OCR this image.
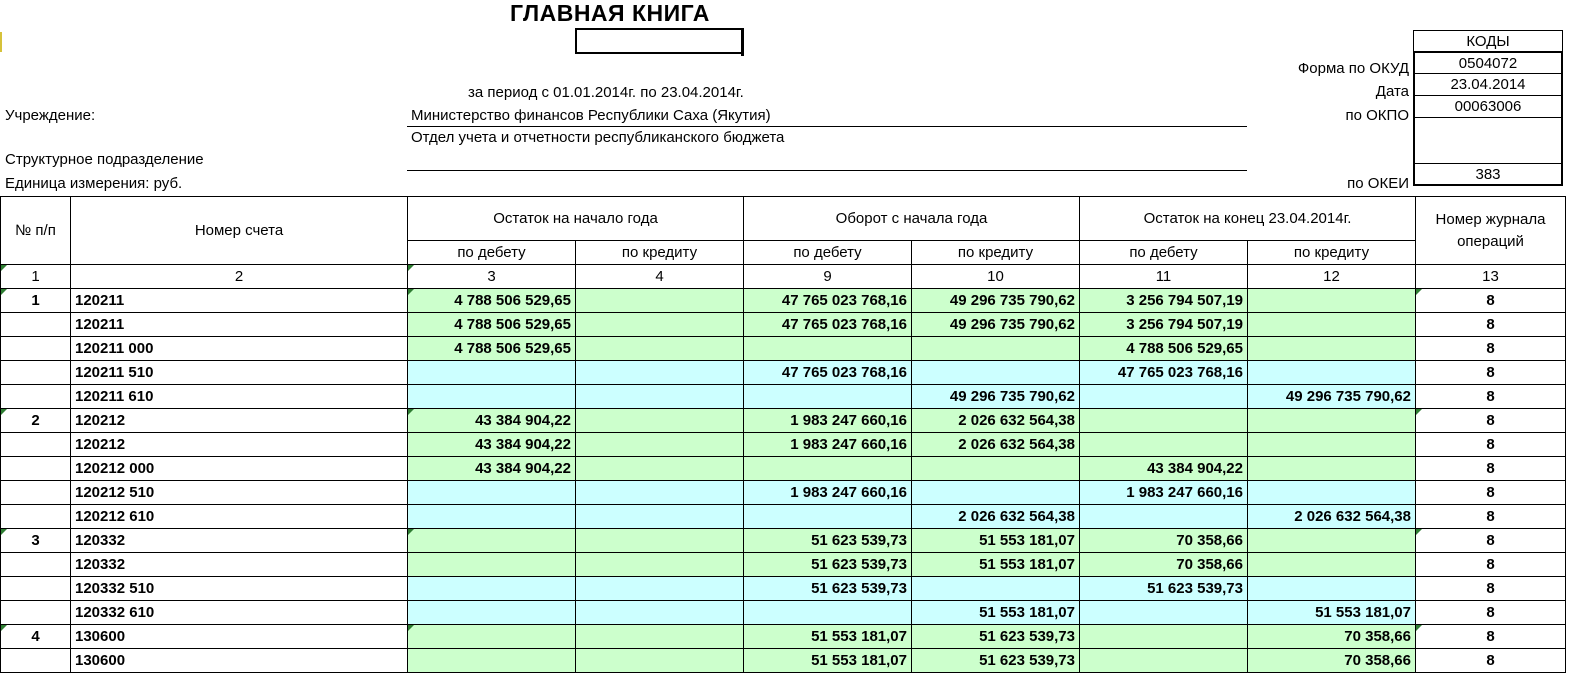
ГЛАВНАЯ КНИГА
за период с 01.01.2014г. по 23.04.2014г.
Учреждение:	Министерство финансов Республики Саха (Якутия)
Отдел учета и отчетности республиканского бюджета
Структурное подразделение
Единица измерения: руб.
Форма по ОКУД
Дата
по ОКПО
по ОКЕИ
КОДЫ
0504072
23.04.2014
00063006
383
№ п/п	Номер счета	Остаток на начало года		Оборот с начала года		Остаток на конец 23.04.2014г.		Номер журнала операций
		по дебету	по кредиту	по дебету	по кредиту	по дебету	по кредиту	
1	2	3	4	9	10	11	12	13
1	120211	4 788 506 529,65		47 765 023 768,16	49 296 735 790,62	3 256 794 507,19		8
	120211	4 788 506 529,65		47 765 023 768,16	49 296 735 790,62	3 256 794 507,19		8
	120211 000	4 788 506 529,65				4 788 506 529,65		8
	120211 510			47 765 023 768,16		47 765 023 768,16		8
	120211 610				49 296 735 790,62		49 296 735 790,62	8
2	120212	43 384 904,22		1 983 247 660,16	2 026 632 564,38			8
	120212	43 384 904,22		1 983 247 660,16	2 026 632 564,38			8
	120212 000	43 384 904,22				43 384 904,22		8
	120212 510			1 983 247 660,16		1 983 247 660,16		8
	120212 610				2 026 632 564,38		2 026 632 564,38	8
3	120332			51 623 539,73	51 553 181,07	70 358,66		8
	120332			51 623 539,73	51 553 181,07	70 358,66		8
	120332 510			51 623 539,73		51 623 539,73		8
	120332 610				51 553 181,07		51 553 181,07	8
4	130600			51 553 181,07	51 623 539,73		70 358,66	8
	130600			51 553 181,07	51 623 539,73		70 358,66	8
